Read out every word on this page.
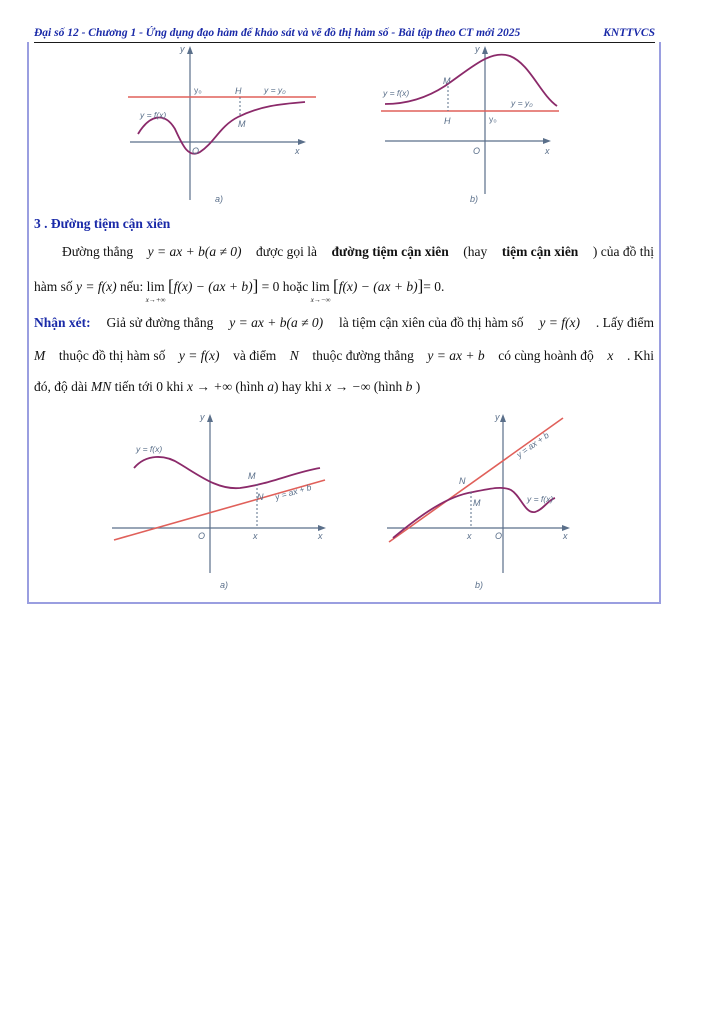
Đại số 12 - Chương 1 - Ứng dụng đạo hàm để khảo sát và vẽ đồ thị hàm số - Bài tập theo CT mới 2025	KNTTVCS
y
y₀	H	y = y₀
y = f(x)
M
O	x
a)
y
y = f(x)
M
y = y₀
H	y₀
O	x
b)
3 . Đường tiệm cận xiên
Đường thẳng y = ax + b(a ≠ 0) được gọi là đường tiệm cận xiên (hay tiệm cận xiên ) của đồ thị
hàm số y = f(x) nếu: lim
x→+∞
[f(x) − (ax + b)] = 0 hoặc lim
x→−∞
[f(x) − (ax + b)]= 0.
Nhận xét: Giả sử đường thẳng y = ax + b(a ≠ 0) là tiệm cận xiên của đồ thị hàm số y = f(x) . Lấy điểm
M thuộc đồ thị hàm số y = f(x) và điểm N thuộc đường thẳng y = ax + b có cùng hoành độ x . Khi
đó, độ dài MN tiến tới 0 khi x → +∞ (hình a) hay khi x → −∞ (hình b )
y
y = f(x)
M
N y = ax + b
O	x	x
a)
y
y = ax + b
N
M	y = f(x)
x	O	x
b)
